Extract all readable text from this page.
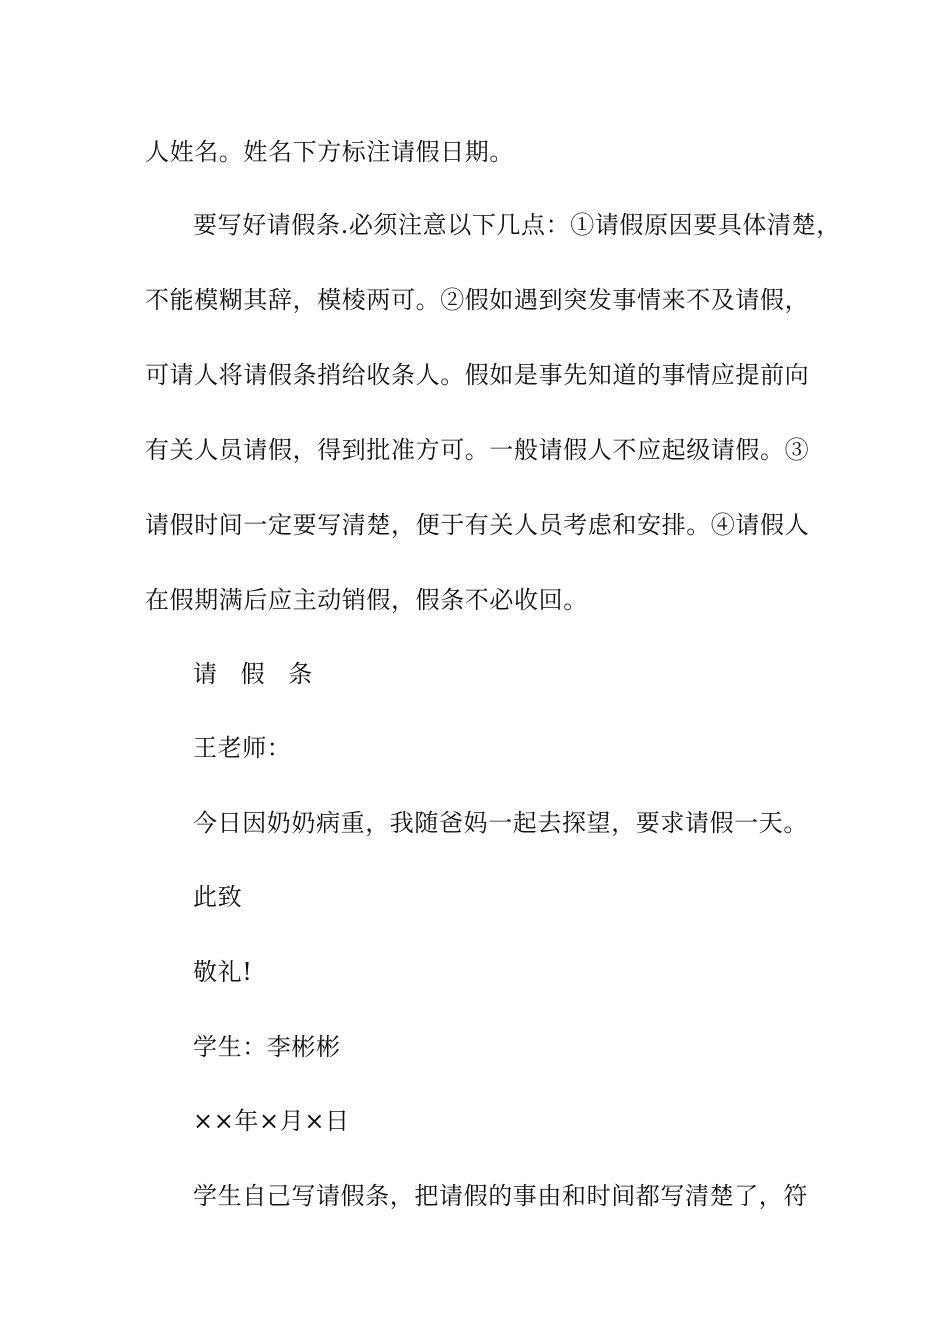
人姓名。姓名下方标注请假日期。
要写好请假条.必须注意以下几点：①请假原因要具体清楚，
不能模糊其辞，模棱两可。②假如遇到突发事情来不及请假，
可请人将请假条捎给收条人。假如是事先知道的事情应提前向
有关人员请假，得到批准方可。一般请假人不应起级请假。③
请假时间一定要写清楚，便于有关人员考虑和安排。④请假人
在假期满后应主动销假，假条不必收回。
请 假 条
王老师：
今日因奶奶病重，我随爸妈一起去探望，要求请假一天。
此致
敬礼!
学生：李彬彬
××年×月×日
学生自己写请假条，把请假的事由和时间都写清楚了，符
